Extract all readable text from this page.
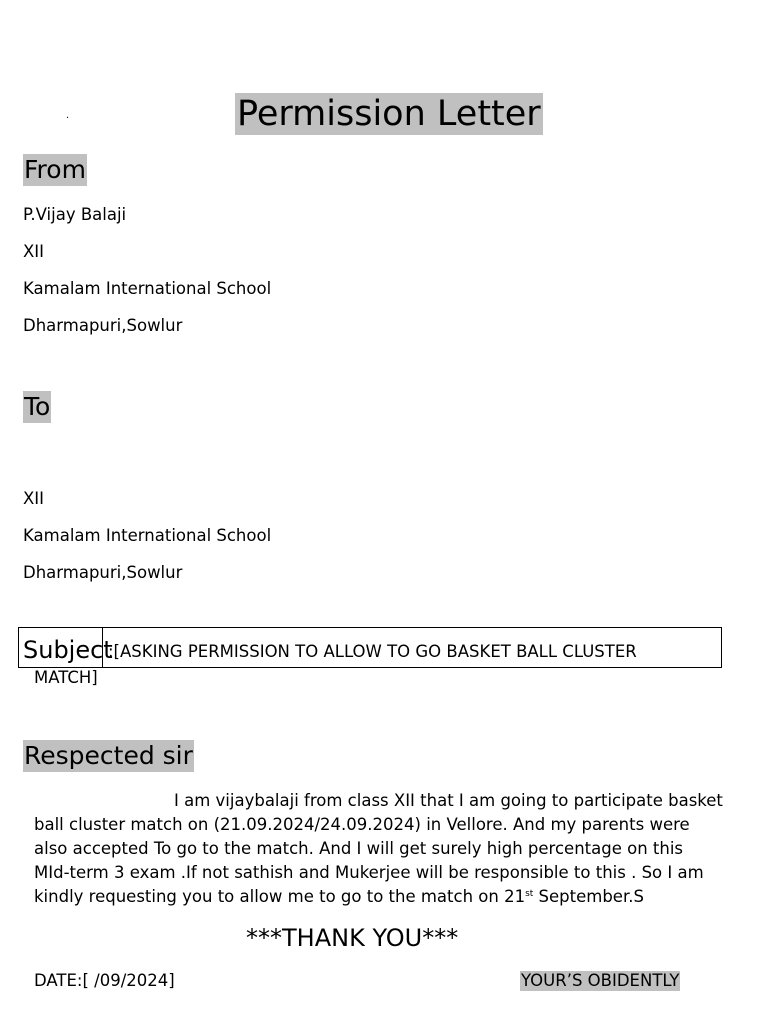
.	Permission Letter
From
P.Vijay Balaji
XII
Kamalam International School
Dharmapuri,Sowlur
To
XII
Kamalam International School
Dharmapuri,Sowlur
Subject
:[ASKING PERMISSION TO ALLOW TO GO BASKET BALL CLUSTER
MATCH]
Respected sir
I am vijaybalaji from class XII that I am going to participate basket
ball cluster match on (21.09.2024/24.09.2024) in Vellore. And my parents were
also accepted To go to the match. And I will get surely high percentage on this
MId-term 3 exam .If not sathish and Mukerjee will be responsible to this . So I am
kindly requesting you to allow me to go to the match on 21st September.S
***THANK YOU***
DATE:[ /09/2024]	YOUR’S OBIDENTLY
